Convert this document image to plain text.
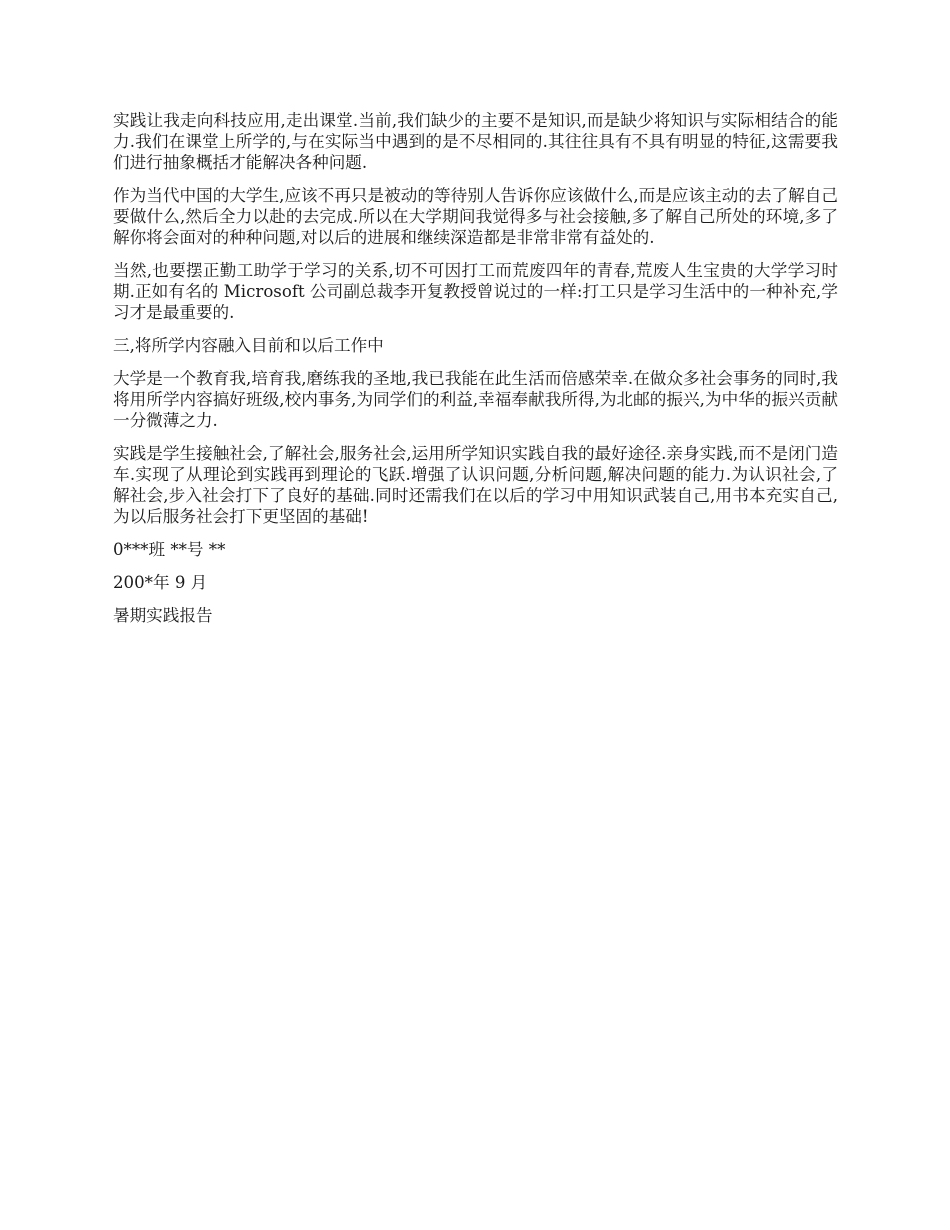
实践让我走向科技应用,走出课堂.当前,我们缺少的主要不是知识,而是缺少将知识与实际相结合的能力.我们在课堂上所学的,与在实际当中遇到的是不尽相同的.其往往具有不具有明显的特征,这需要我们进行抽象概括才能解决各种问题.

作为当代中国的大学生,应该不再只是被动的等待别人告诉你应该做什么,而是应该主动的去了解自己要做什么,然后全力以赴的去完成.所以在大学期间我觉得多与社会接触,多了解自己所处的环境,多了解你将会面对的种种问题,对以后的进展和继续深造都是非常非常有益处的.

当然,也要摆正勤工助学于学习的关系,切不可因打工而荒废四年的青春,荒废人生宝贵的大学学习时期.正如有名的 Microsoft 公司副总裁李开复教授曾说过的一样:打工只是学习生活中的一种补充,学习才是最重要的.

三,将所学内容融入目前和以后工作中

大学是一个教育我,培育我,磨练我的圣地,我已我能在此生活而倍感荣幸.在做众多社会事务的同时,我将用所学内容搞好班级,校内事务,为同学们的利益,幸福奉献我所得,为北邮的振兴,为中华的振兴贡献一分微薄之力.

实践是学生接触社会,了解社会,服务社会,运用所学知识实践自我的最好途径.亲身实践,而不是闭门造车.实现了从理论到实践再到理论的飞跃.增强了认识问题,分析问题,解决问题的能力.为认识社会,了解社会,步入社会打下了良好的基础.同时还需我们在以后的学习中用知识武装自己,用书本充实自己,为以后服务社会打下更坚固的基础!

0***班 **号 **

200*年 9 月

暑期实践报告
